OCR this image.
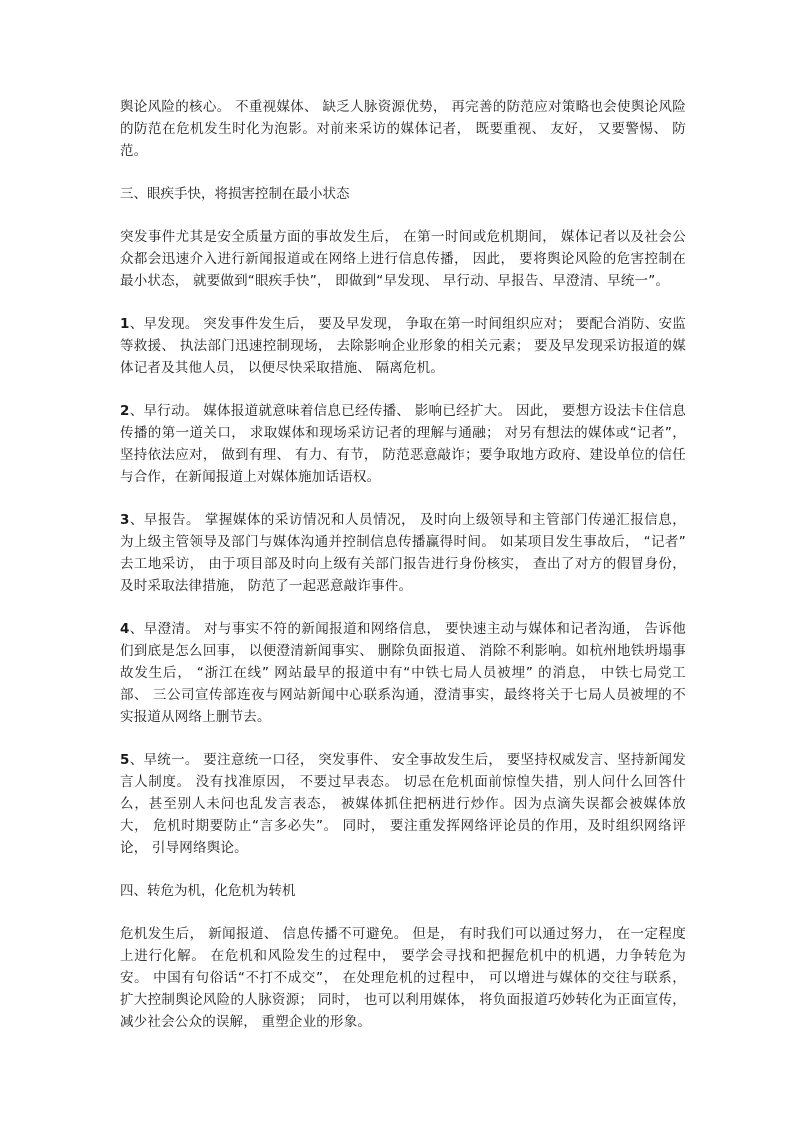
舆论风险的核心。 不重视媒体、 缺乏人脉资源优势， 再完善的防范应对策略也会使舆论风险的防范在危机发生时化为泡影。对前来采访的媒体记者， 既要重视、 友好， 又要警惕、 防范。

三、眼疾手快，将损害控制在最小状态

突发事件尤其是安全质量方面的事故发生后， 在第一时间或危机期间， 媒体记者以及社会公众都会迅速介入进行新闻报道或在网络上进行信息传播， 因此， 要将舆论风险的危害控制在最小状态， 就要做到“眼疾手快”， 即做到“早发现、 早行动、早报告、早澄清、早统一”。

1、早发现。 突发事件发生后， 要及早发现， 争取在第一时间组织应对； 要配合消防、安监等救援、 执法部门迅速控制现场， 去除影响企业形象的相关元素； 要及早发现采访报道的媒体记者及其他人员， 以便尽快采取措施、 隔离危机。

2、早行动。 媒体报道就意味着信息已经传播、 影响已经扩大。 因此， 要想方设法卡住信息传播的第一道关口， 求取媒体和现场采访记者的理解与通融； 对另有想法的媒体或“记者”， 坚持依法应对， 做到有理、 有力、有节， 防范恶意敲诈；要争取地方政府、建设单位的信任与合作，在新闻报道上对媒体施加话语权。

3、早报告。 掌握媒体的采访情况和人员情况， 及时向上级领导和主管部门传递汇报信息，为上级主管领导及部门与媒体沟通并控制信息传播赢得时间。 如某项目发生事故后， “记者” 去工地采访， 由于项目部及时向上级有关部门报告进行身份核实， 查出了对方的假冒身份， 及时采取法律措施， 防范了一起恶意敲诈事件。

4、早澄清。 对与事实不符的新闻报道和网络信息， 要快速主动与媒体和记者沟通， 告诉他们到底是怎么回事， 以便澄清新闻事实、 删除负面报道、 消除不利影响。如杭州地铁坍塌事故发生后， “浙江在线” 网站最早的报道中有“中铁七局人员被埋” 的消息， 中铁七局党工部、 三公司宣传部连夜与网站新闻中心联系沟通，澄清事实，最终将关于七局人员被埋的不实报道从网络上删节去。

5、早统一。 要注意统一口径， 突发事件、 安全事故发生后， 要坚持权威发言、坚持新闻发言人制度。 没有找准原因， 不要过早表态。 切忌在危机面前惊惶失措，别人问什么回答什么，甚至别人未问也乱发言表态， 被媒体抓住把柄进行炒作。因为点滴失误都会被媒体放大， 危机时期要防止“言多必失”。 同时， 要注重发挥网络评论员的作用，及时组织网络评论， 引导网络舆论。

四、转危为机，化危机为转机

危机发生后， 新闻报道、 信息传播不可避免。 但是， 有时我们可以通过努力， 在一定程度上进行化解。 在危机和风险发生的过程中， 要学会寻找和把握危机中的机遇，力争转危为安。 中国有句俗话“不打不成交”， 在处理危机的过程中， 可以增进与媒体的交往与联系， 扩大控制舆论风险的人脉资源； 同时， 也可以利用媒体， 将负面报道巧妙转化为正面宣传， 减少社会公众的误解， 重塑企业的形象。
